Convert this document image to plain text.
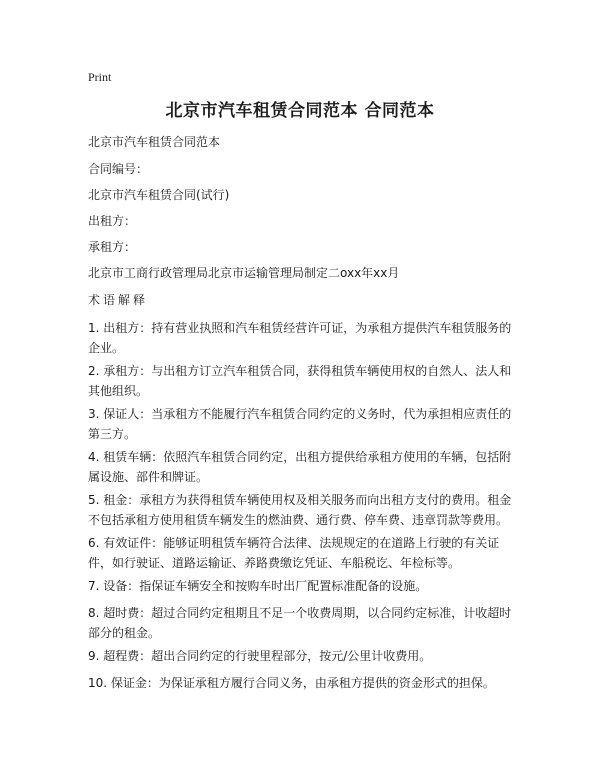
Print
北京市汽车租赁合同范本 合同范本
北京市汽车租赁合同范本
合同编号：
北京市汽车租赁合同(试行)
出租方：
承租方：
北京市工商行政管理局北京市运输管理局制定二oxx年xx月
术语解释
1. 出租方：持有营业执照和汽车租赁经营许可证，为承租方提供汽车租赁服务的企业。
2. 承租方：与出租方订立汽车租赁合同，获得租赁车辆使用权的自然人、法人和其他组织。
3. 保证人：当承租方不能履行汽车租赁合同约定的义务时，代为承担相应责任的第三方。
4. 租赁车辆：依照汽车租赁合同约定，出租方提供给承租方使用的车辆，包括附属设施、部件和牌证。
5. 租金：承租方为获得租赁车辆使用权及相关服务而向出租方支付的费用。租金不包括承租方使用租赁车辆发生的燃油费、通行费、停车费、违章罚款等费用。
6. 有效证件：能够证明租赁车辆符合法律、法规规定的在道路上行驶的有关证件，如行驶证、道路运输证、养路费缴讫凭证、车船税讫、年检标等。
7. 设备：指保证车辆安全和按购车时出厂配置标准配备的设施。
8. 超时费：超过合同约定租期且不足一个收费周期，以合同约定标准，计收超时部分的租金。
9. 超程费：超出合同约定的行驶里程部分，按元/公里计收费用。
10. 保证金：为保证承租方履行合同义务，由承租方提供的资金形式的担保。
